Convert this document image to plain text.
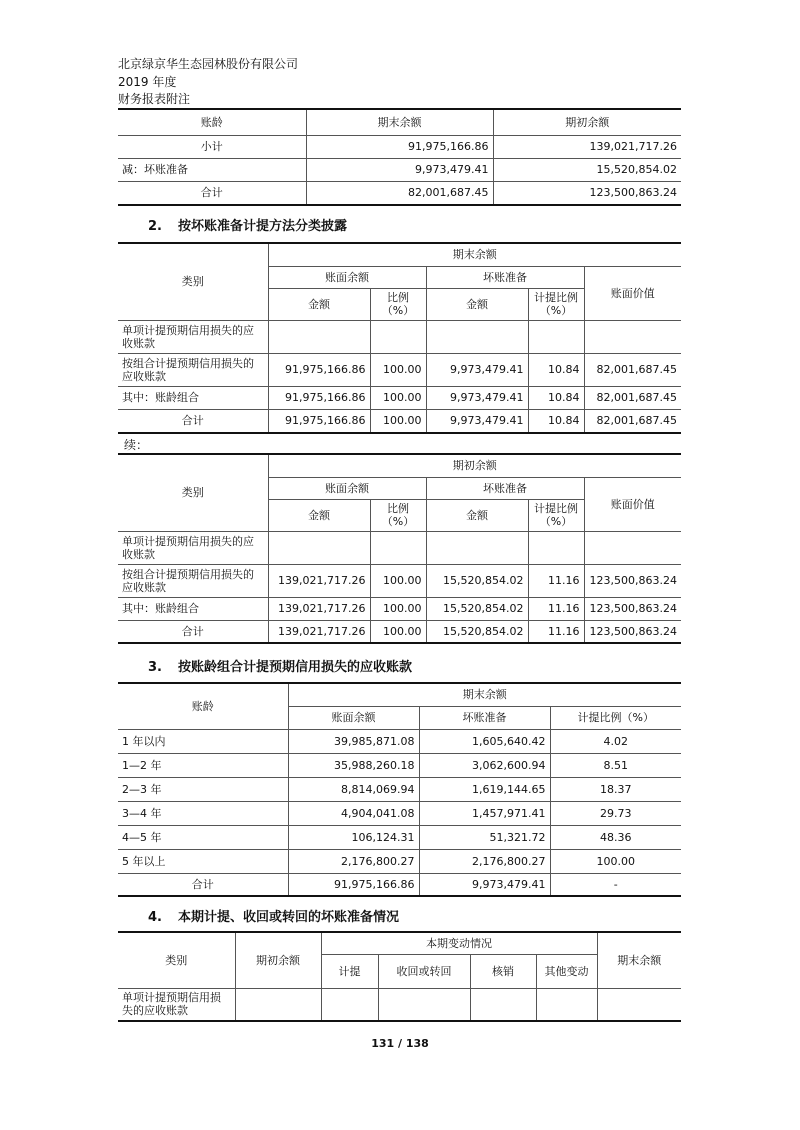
北京绿京华生态园林股份有限公司
2019 年度
财务报表附注
账龄	期末余额	期初余额
小计	91,975,166.86	139,021,717.26
减：坏账准备	9,973,479.41	15,520,854.02
合计	82,001,687.45	123,500,863.24
2. 按坏账准备计提方法分类披露
类别	期末余额				
	账面余额		坏账准备		账面价值
	金额	比例（%）	金额	计提比例（%）	
单项计提预期信用损失的应收账款					
按组合计提预期信用损失的应收账款	91,975,166.86	100.00	9,973,479.41	10.84	82,001,687.45
其中：账龄组合	91,975,166.86	100.00	9,973,479.41	10.84	82,001,687.45
合计	91,975,166.86	100.00	9,973,479.41	10.84	82,001,687.45
续：
类别	期初余额				
	账面余额		坏账准备		账面价值
	金额	比例（%）	金额	计提比例（%）	
单项计提预期信用损失的应收账款					
按组合计提预期信用损失的应收账款	139,021,717.26	100.00	15,520,854.02	11.16	123,500,863.24
其中：账龄组合	139,021,717.26	100.00	15,520,854.02	11.16	123,500,863.24
合计	139,021,717.26	100.00	15,520,854.02	11.16	123,500,863.24
3. 按账龄组合计提预期信用损失的应收账款
账龄	期末余额		
	账面余额	坏账准备	计提比例（%）
1 年以内	39,985,871.08	1,605,640.42	4.02
1—2 年	35,988,260.18	3,062,600.94	8.51
2—3 年	8,814,069.94	1,619,144.65	18.37
3—4 年	4,904,041.08	1,457,971.41	29.73
4—5 年	106,124.31	51,321.72	48.36
5 年以上	2,176,800.27	2,176,800.27	100.00
合计	91,975,166.86	9,973,479.41	-
4. 本期计提、收回或转回的坏账准备情况
类别	期初余额	本期变动情况				期末余额
		计提	收回或转回	核销	其他变动	
单项计提预期信用损失的应收账款						
131 / 138
